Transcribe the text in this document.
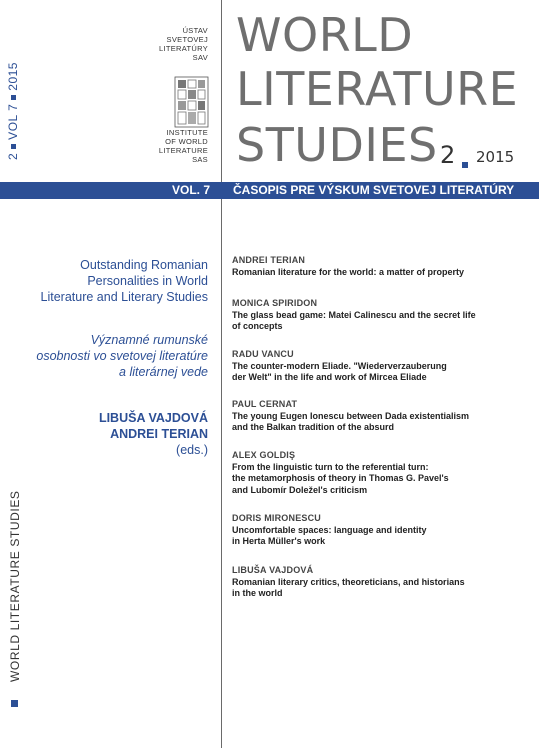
2VOL 72015
ÚSTAV
SVETOVEJ
LITERATÚRY
SAV
INSTITUTE
OF WORLD
LITERATURE
SAS
WORLD
LITERATURE
STUDIES 2 2015
VOL. 7 ČASOPIS PRE VÝSKUM SVETOVEJ LITERATÚRY
Outstanding Romanian
Personalities in World
Literature and Literary Studies
Významné rumunské
osobnosti vo svetovej literatúre
a literárnej vede
LIBUŠA VAJDOVÁ
ANDREI TERIAN
(eds.)
WORLD LITERATURE STUDIES
ANDREI TERIAN
Romanian literature for the world: a matter of property
MONICA SPIRIDON
The glass bead game: Matei Calinescu and the secret life
of concepts
RADU VANCU
The counter-modern Eliade. "Wiederverzauberung
der Welt" in the life and work of Mircea Eliade
PAUL CERNAT
The young Eugen Ionescu between Dada existentialism
and the Balkan tradition of the absurd
ALEX GOLDIŞ
From the linguistic turn to the referential turn:
the metamorphosis of theory in Thomas G. Pavel's
and Lubomír Doležel's criticism
DORIS MIRONESCU
Uncomfortable spaces: language and identity
in Herta Müller's work
LIBUŠA VAJDOVÁ
Romanian literary critics, theoreticians, and historians
in the world
